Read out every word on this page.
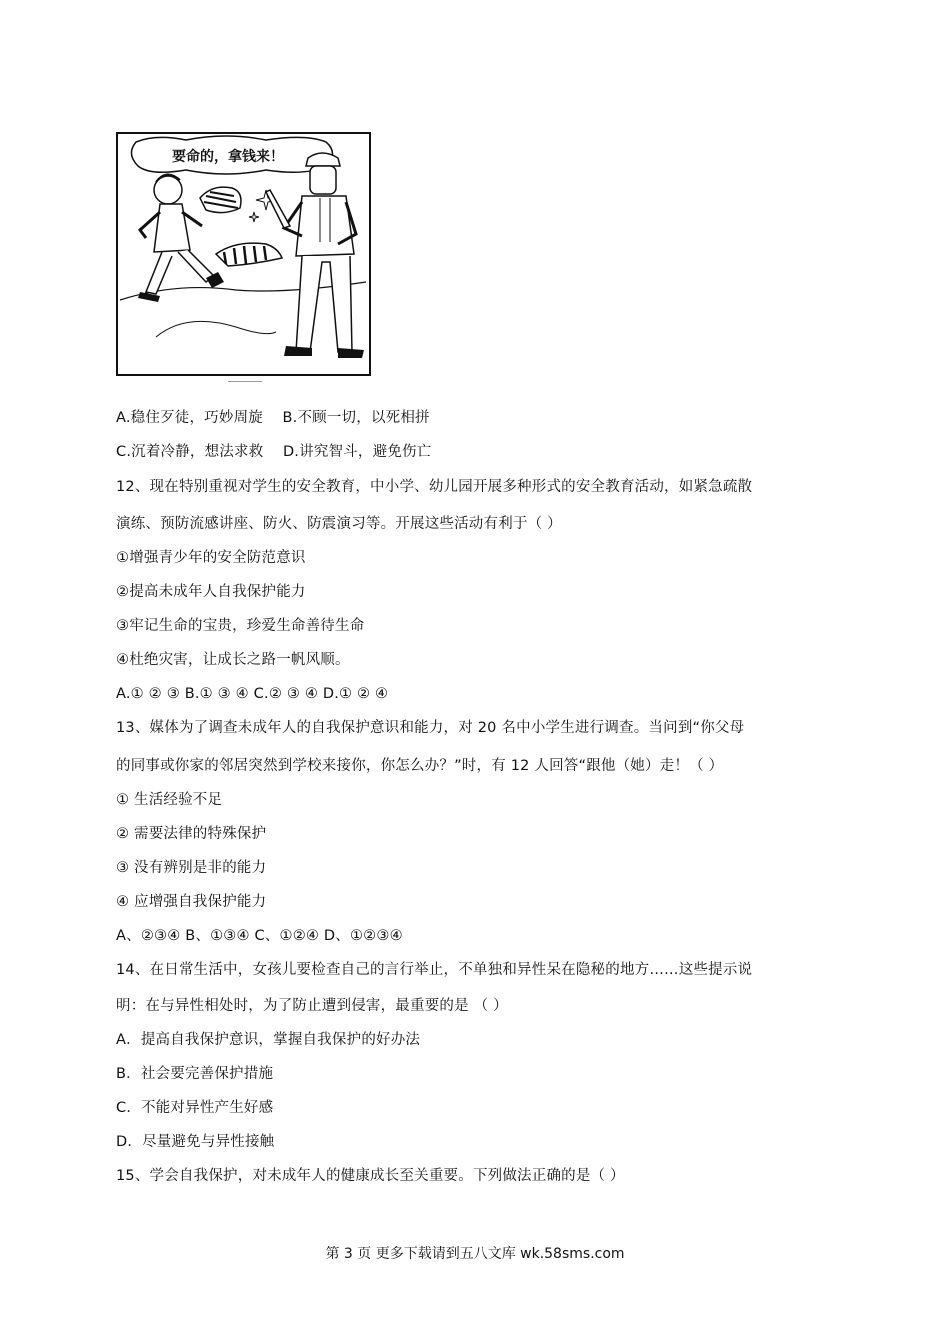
要命的，拿钱来！
A.稳住歹徒，巧妙周旋　 B.不顾一切，以死相拼
C.沉着冷静，想法求救　 D.讲究智斗，避免伤亡
12、现在特别重视对学生的安全教育，中小学、幼儿园开展多种形式的安全教育活动，如紧急疏散
演练、预防流感讲座、防火、防震演习等。开展这些活动有利于（ ）
①增强青少年的安全防范意识
②提高未成年人自我保护能力
③牢记生命的宝贵，珍爱生命善待生命
④杜绝灾害，让成长之路一帆风顺。
A.① ② ③ B.① ③ ④ C.② ③ ④ D.① ② ④
13、媒体为了调查未成年人的自我保护意识和能力，对 20 名中小学生进行调查。当问到“你父母
的同事或你家的邻居突然到学校来接你，你怎么办？”时，有 12 人回答“跟他（她）走！（ ）
① 生活经验不足
② 需要法律的特殊保护
③ 没有辨别是非的能力
④ 应增强自我保护能力
A、②③④ B、①③④ C、①②④ D、①②③④
14、在日常生活中，女孩儿要检查自己的言行举止，不单独和异性呆在隐秘的地方……这些提示说
明：在与异性相处时，为了防止遭到侵害，最重要的是 （ ）
A．提高自我保护意识，掌握自我保护的好办法
B．社会要完善保护措施
C．不能对异性产生好感
D．尽量避免与异性接触
15、学会自我保护，对未成年人的健康成长至关重要。下列做法正确的是（ ）
第 3 页 更多下载请到五八文库 wk.58sms.com
